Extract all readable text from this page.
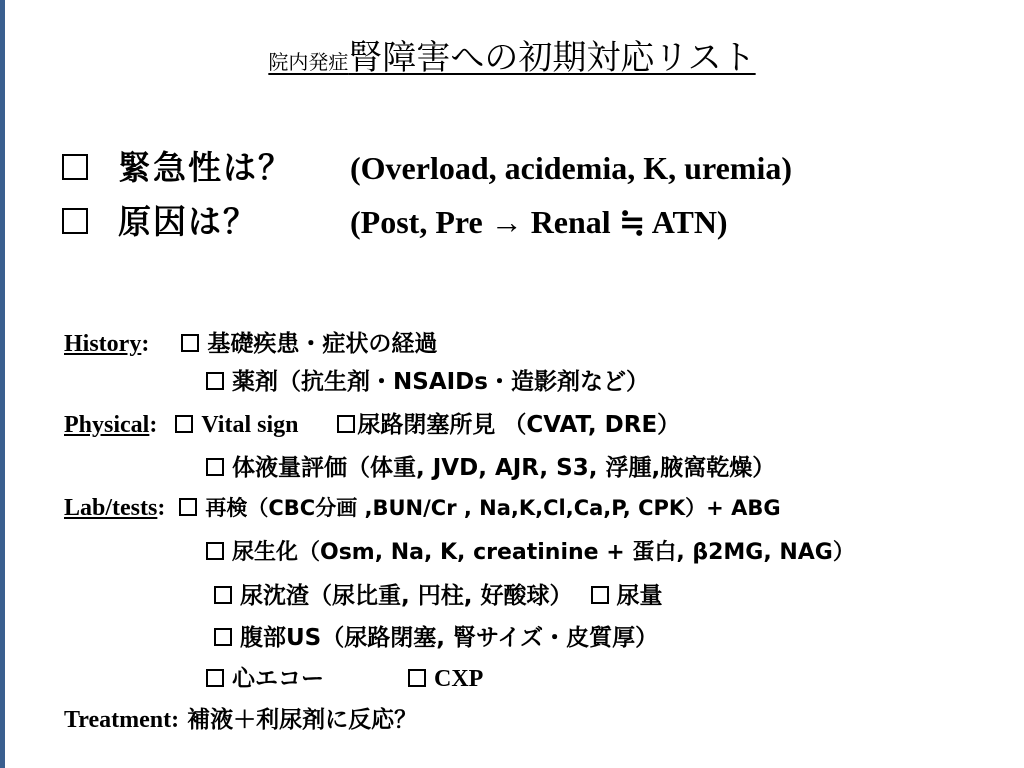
院内発症腎障害への初期対応リスト
緊急性は？ (Overload, acidemia, K, uremia)
原因は？	(Post, Pre → Renal ≒ ATN)
History:	基礎疾患・症状の経過
薬剤（抗生剤・NSAIDs・造影剤など）
Physical: Vital sign	尿路閉塞所見 （CVAT, DRE）
体液量評価（体重, JVD, AJR, S3, 浮腫,腋窩乾燥）
Lab/tests: 再検（CBC分画 ,BUN/Cr , Na,K,Cl,Ca,P, CPK）+ ABG
尿生化（Osm, Na, K, creatinine + 蛋白, β2MG, NAG）
尿沈渣（尿比重, 円柱, 好酸球） 尿量
腹部US（尿路閉塞, 腎サイズ・皮質厚）
心エコー	CXP
Treatment: 補液＋利尿剤に反応？
